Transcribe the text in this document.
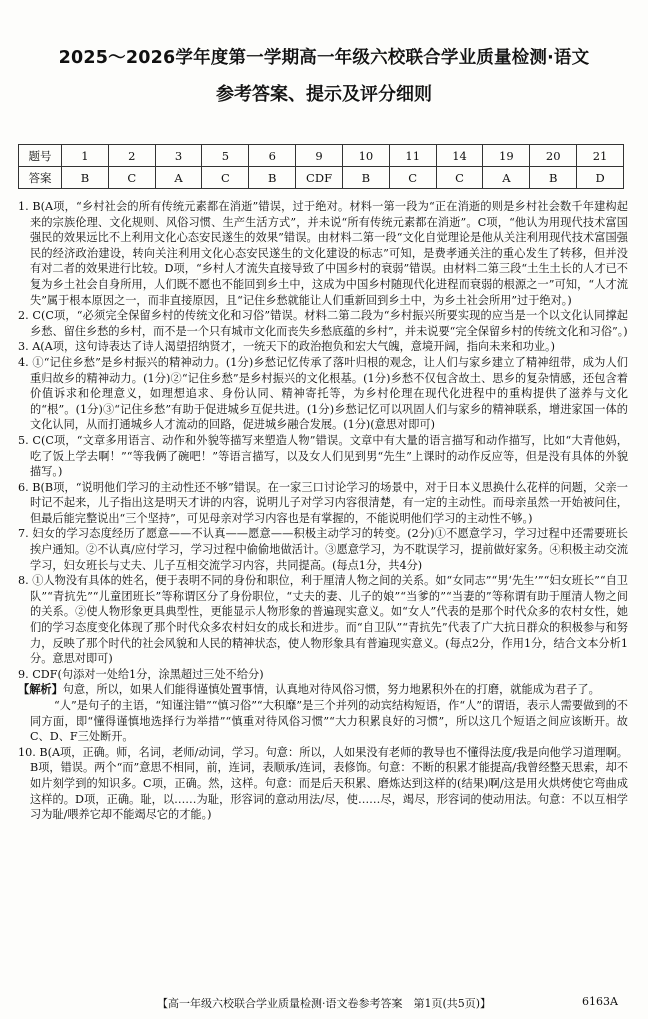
2025～2026学年度第一学期高一年级六校联合学业质量检测·语文
参考答案、提示及评分细则
题号	1	2	3	5	6	9	10	11	14	19	20	21
答案	B	C	A	C	B	CDF	B	C	C	A	B	D

1. B(A项，“乡村社会的所有传统元素都在消逝”错误，过于绝对。材料一第一段为“正在消逝的则是乡村社会数千年建构起来的宗族伦理、文化规则、风俗习惯、生产生活方式”，并未说“所有传统元素都在消逝”。C项，“他认为用现代技术富国强民的效果远比不上利用文化心态安民遂生的效果”错误。由材料二第一段“文化自觉理论是他从关注利用现代技术富国强民的经济政治建设，转向关注利用文化心态安民遂生的文化建设的标志”可知，是费孝通关注的重心发生了转移，但并没有对二者的效果进行比较。D项，“乡村人才流失直接导致了中国乡村的衰弱”错误。由材料二第三段“土生土长的人才已不复为乡土社会自身所用，人们既不愿也不能回到乡土中，这成为中国乡村随现代化进程而衰弱的根源之一”可知，“人才流失”属于根本原因之一，而非直接原因，且“记住乡愁就能让人们重新回到乡土中，为乡土社会所用”过于绝对。)

2. C(C项，“必须完全保留乡村的传统文化和习俗”错误。材料二第二段为“乡村振兴所要实现的应当是一个以文化认同撑起乡愁、留住乡愁的乡村，而不是一个只有城市文化而丧失乡愁底蕴的乡村”，并未说要“完全保留乡村的传统文化和习俗”。)

3. A(A项，这句诗表达了诗人渴望招纳贤才，一统天下的政治抱负和宏大气魄，意境开阔，指向未来和功业。)

4. ①“记住乡愁”是乡村振兴的精神动力。(1分)乡愁记忆传承了落叶归根的观念，让人们与家乡建立了精神纽带，成为人们重归故乡的精神动力。(1分)②“记住乡愁”是乡村振兴的文化根基。(1分)乡愁不仅包含故土、思乡的复杂情感，还包含着价值诉求和伦理意义，如理想追求、身份认同、精神寄托等，为乡村伦理在现代化进程中的重构提供了滋养与文化的“根”。(1分)③“记住乡愁”有助于促进城乡互促共进。(1分)乡愁记忆可以巩固人们与家乡的精神联系，增进家国一体的文化认同，从而打通城乡人才流动的回路，促进城乡融合发展。(1分)(意思对即可)

5. C(C项，“文章多用语言、动作和外貌等描写来塑造人物”错误。文章中有大量的语言描写和动作描写，比如“大青他妈，吃了饭上学去啊！”“等我俩了碗吧！”等语言描写，以及女人们见到男“先生”上课时的动作反应等，但是没有具体的外貌描写。)

6. B(B项，“说明他们学习的主动性还不够”错误。在一家三口讨论学习的场景中，对于日本义思换什么花样的问题，父亲一时记不起来，儿子指出这是明天才讲的内容，说明儿子对学习内容很清楚，有一定的主动性。而母亲虽然一开始被问住，但最后能完整说出“三个坚持”，可见母亲对学习内容也是有掌握的，不能说明他们学习的主动性不够。)

7. 妇女的学习态度经历了愿意——不认真——愿意——积极主动学习的转变。(2分)①不愿意学习，学习过程中还需要班长挨户通知。②不认真/应付学习，学习过程中偷偷地做活计。③愿意学习，为不耽误学习，提前做好家务。④积极主动交流学习，妇女班长与丈夫、儿子互相交流学习内容，共同提高。(每点1分，共4分)

8. ①人物没有具体的姓名，便于表明不同的身份和职位，利于厘清人物之间的关系。如“女同志”“男‘先生’”“妇女班长”“自卫队”“青抗先”“儿童团班长”等称谓区分了身份职位，“丈夫的妻、儿子的娘”“当爹的”“当妻的”等称谓有助于厘清人物之间的关系。②使人物形象更具典型性，更能显示人物形象的普遍现实意义。如“女人”代表的是那个时代众多的农村女性，她们的学习态度变化体现了那个时代众多农村妇女的成长和进步。而“自卫队”“青抗先”代表了广大抗日群众的积极参与和努力，反映了那个时代的社会风貌和人民的精神状态，使人物形象具有普遍现实意义。(每点2分，作用1分，结合文本分析1分。意思对即可)

9. CDF(句添对一处给1分，涂黑超过三处不给分)

【解析】句意，所以，如果人们能得谨慎处置事情，认真地对待风俗习惯，努力地累积外在的打磨，就能成为君子了。

“人”是句子的主语，“知谨注错”“慎习俗”“大积靡”是三个并列的动宾结构短语，作“人”的谓语，表示人需要做到的不同方面，即“懂得谨慎地选择行为举措”“慎重对待风俗习惯”“大力积累良好的习惯”，所以这几个短语之间应该断开。故C、D、F三处断开。

10. B(A项，正确。师，名词，老师/动词，学习。句意：所以，人如果没有老师的教导也不懂得法度/我是向他学习道理啊。B项，错误。两个“而”意思不相同，前，连词，表顺承/连词，表修饰。句意：不断的积累才能提高/我曾经整天思索，却不如片刻学到的知识多。C项，正确。然，这样。句意：而是后天积累、磨炼达到这样的(结果)啊/这是用火烘烤使它弯曲成这样的。D项，正确。耻，以……为耻，形容词的意动用法/尽，使……尽，竭尽，形容词的使动用法。句意：不以互相学习为耻/喂养它却不能竭尽它的才能。)

【高一年级六校联合学业质量检测·语文卷参考答案　第1页(共5页)】	6163A
